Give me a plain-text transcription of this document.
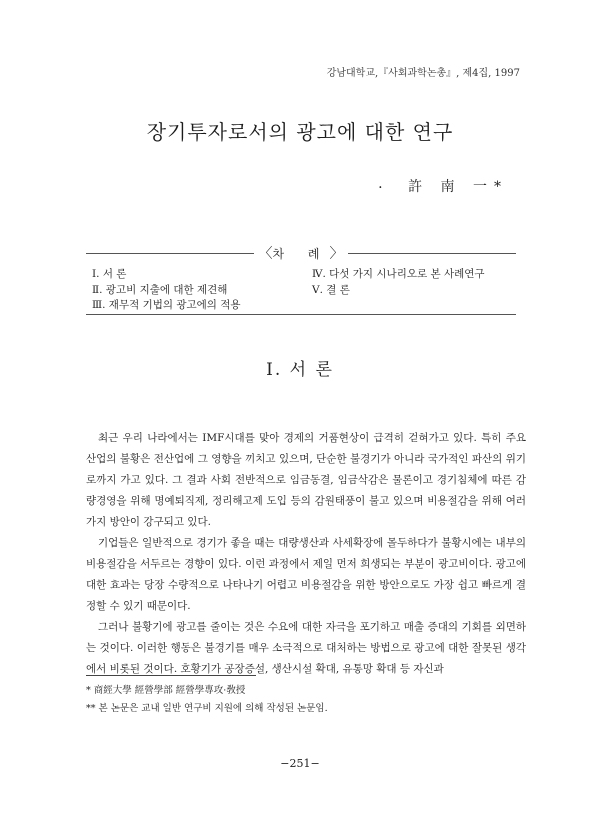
강남대학교,『사회과학논총』, 제4집, 1997
장기투자로서의 광고에 대한 연구
. 許 南 一*
〈차 례〉
Ⅰ. 서 론
Ⅱ. 광고비 지출에 대한 제견해
Ⅲ. 재무적 기법의 광고에의 적용
Ⅳ. 다섯 가지 시나리오로 본 사례연구
Ⅴ. 결 론
Ⅰ. 서 론

최근 우리 나라에서는 IMF시대를 맞아 경제의 거품현상이 급격히 걷혀가고 있다. 특히 주요 산업의 불황은 전산업에 그 영향을 끼치고 있으며, 단순한 불경기가 아니라 국가적인 파산의 위기로까지 가고 있다. 그 결과 사회 전반적으로 임금동결, 임금삭감은 물론이고 경기침체에 따른 감량경영을 위해 명예퇴직제, 정리해고제 도입 등의 감원태풍이 불고 있으며 비용절감을 위해 여러가지 방안이 강구되고 있다.

기업들은 일반적으로 경기가 좋을 때는 대량생산과 사세확장에 몰두하다가 불황시에는 내부의 비용절감을 서두르는 경향이 있다. 이런 과정에서 제일 먼저 희생되는 부분이 광고비이다. 광고에 대한 효과는 당장 수량적으로 나타나기 어렵고 비용절감을 위한 방안으로도 가장 쉽고 빠르게 결정할 수 있기 때문이다.

그러나 불황기에 광고를 줄이는 것은 수요에 대한 자극을 포기하고 매출 증대의 기회를 외면하는 것이다. 이러한 행동은 불경기를 매우 소극적으로 대처하는 방법으로 광고에 대한 잘못된 생각에서 비롯된 것이다. 호황기가 공장증설, 생산시설 확대, 유통망 확대 등 자신과

* 商經大學 經營學部 經營學專攻·敎授
** 본 논문은 교내 일반 연구비 지원에 의해 작성된 논문임.
−251−
